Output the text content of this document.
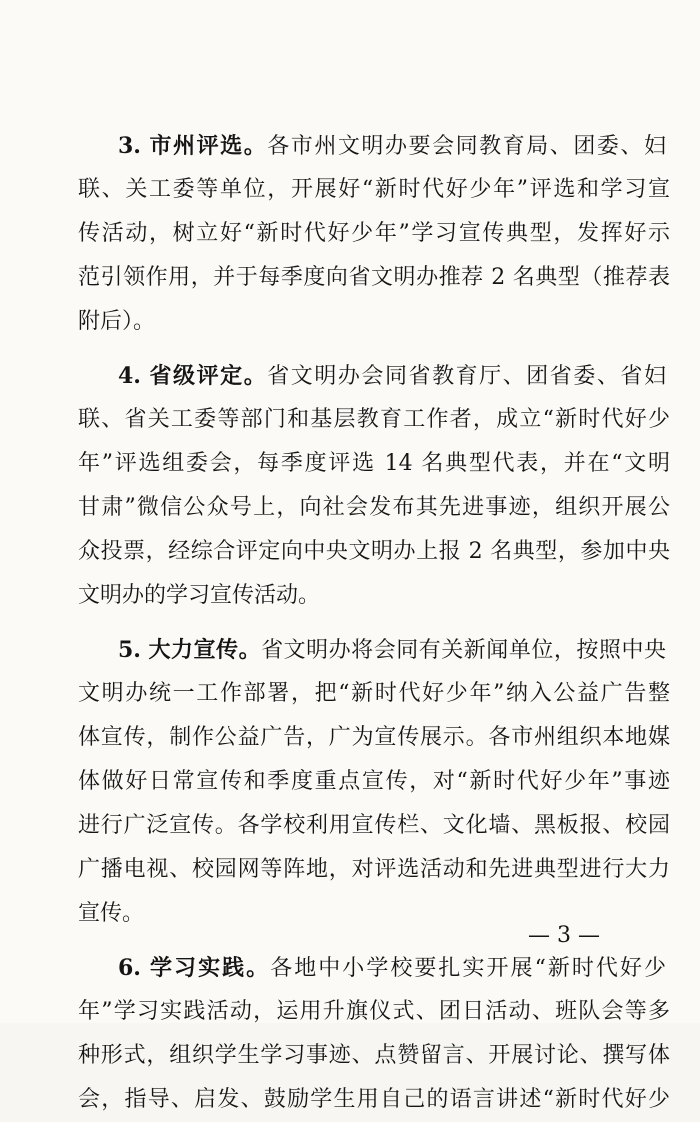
3. 市州评选。各市州文明办要会同教育局、团委、妇
联、关工委等单位，开展好“新时代好少年”评选和学习宣
传活动，树立好“新时代好少年”学习宣传典型，发挥好示
范引领作用，并于每季度向省文明办推荐 2 名典型（推荐表
附后）。
4. 省级评定。省文明办会同省教育厅、团省委、省妇
联、省关工委等部门和基层教育工作者，成立“新时代好少
年”评选组委会，每季度评选 14 名典型代表，并在“文明
甘肃”微信公众号上，向社会发布其先进事迹，组织开展公
众投票，经综合评定向中央文明办上报 2 名典型，参加中央
文明办的学习宣传活动。
5. 大力宣传。省文明办将会同有关新闻单位，按照中央
文明办统一工作部署，把“新时代好少年”纳入公益广告整
体宣传，制作公益广告，广为宣传展示。各市州组织本地媒
体做好日常宣传和季度重点宣传，对“新时代好少年”事迹
进行广泛宣传。各学校利用宣传栏、文化墙、黑板报、校园
广播电视、校园网等阵地，对评选活动和先进典型进行大力
宣传。
6. 学习实践。各地中小学校要扎实开展“新时代好少
年”学习实践活动，运用升旗仪式、团日活动、班队会等多
种形式，组织学生学习事迹、点赞留言、开展讨论、撰写体
会，指导、启发、鼓励学生用自己的语言讲述“新时代好少
— 3 —
